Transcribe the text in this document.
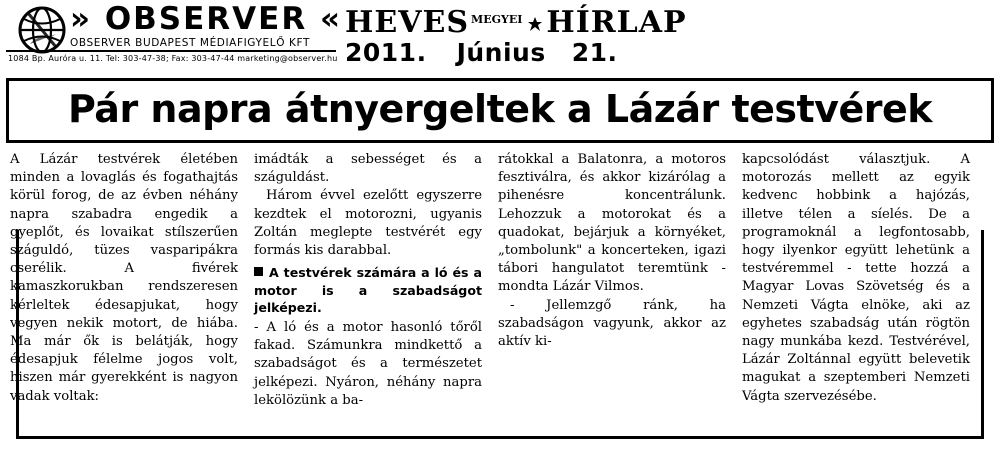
» OBSERVER «
OBSERVER BUDAPEST MÉDIAFIGYELŐ KFT
1084 Bp. Auróra u. 11. Tel: 303-47-38; Fax: 303-47-44 marketing@observer.hu
HEVES MEGYEI HÍRLAP
2011. Június 21.
Pár napra átnyergeltek a Lázár testvérek

A Lázár testvérek életében minden a lovaglás és fogathajtás körül forog, de az évben néhány napra szabadra engedik a gyeplőt, és lovaikat stílszerűen száguldó, tüzes vasparipákra cserélik. A fivérek kamaszkorukban rendszeresen kérleltek édesapjukat, hogy vegyen nekik motort, de hiába. Ma már ők is belátják, hogy édesapjuk félelme jogos volt, hiszen már gyerekként is nagyon vadak voltak:

imádták a sebességet és a száguldást.

Három évvel ezelőtt egyszerre kezdtek el motorozni, ugyanis Zoltán meglepte testvérét egy formás kis darabbal.

A testvérek számára a ló és a motor is a szabadságot jelképezi.

- A ló és a motor hasonló tőről fakad. Számunkra mindkettő a szabadságot és a természetet jelképezi. Nyáron, néhány napra lekölözünk a ba-

rátokkal a Balatonra, a motoros fesztiválra, és akkor kizárólag a pihenésre koncentrálunk. Lehozzuk a motorokat és a quadokat, bejárjuk a környéket, „tombolunk" a koncerteken, igazi tábori hangulatot teremtünk - mondta Lázár Vilmos.

- Jellemzgő ránk, ha szabadságon vagyunk, akkor az aktív ki-

kapcsolódást választjuk. A motorozás mellett az egyik kedvenc hobbink a hajózás, illetve télen a síelés. De a programoknál a legfontosabb, hogy ilyenkor együtt lehetünk a testvéremmel - tette hozzá a Magyar Lovas Szövetség és a Nemzeti Vágta elnöke, aki az egyhetes szabadság után rögtön nagy munkába kezd. Testvérével, Lázár Zoltánnal együtt belevetik magukat a szeptemberi Nemzeti Vágta szervezésébe.
